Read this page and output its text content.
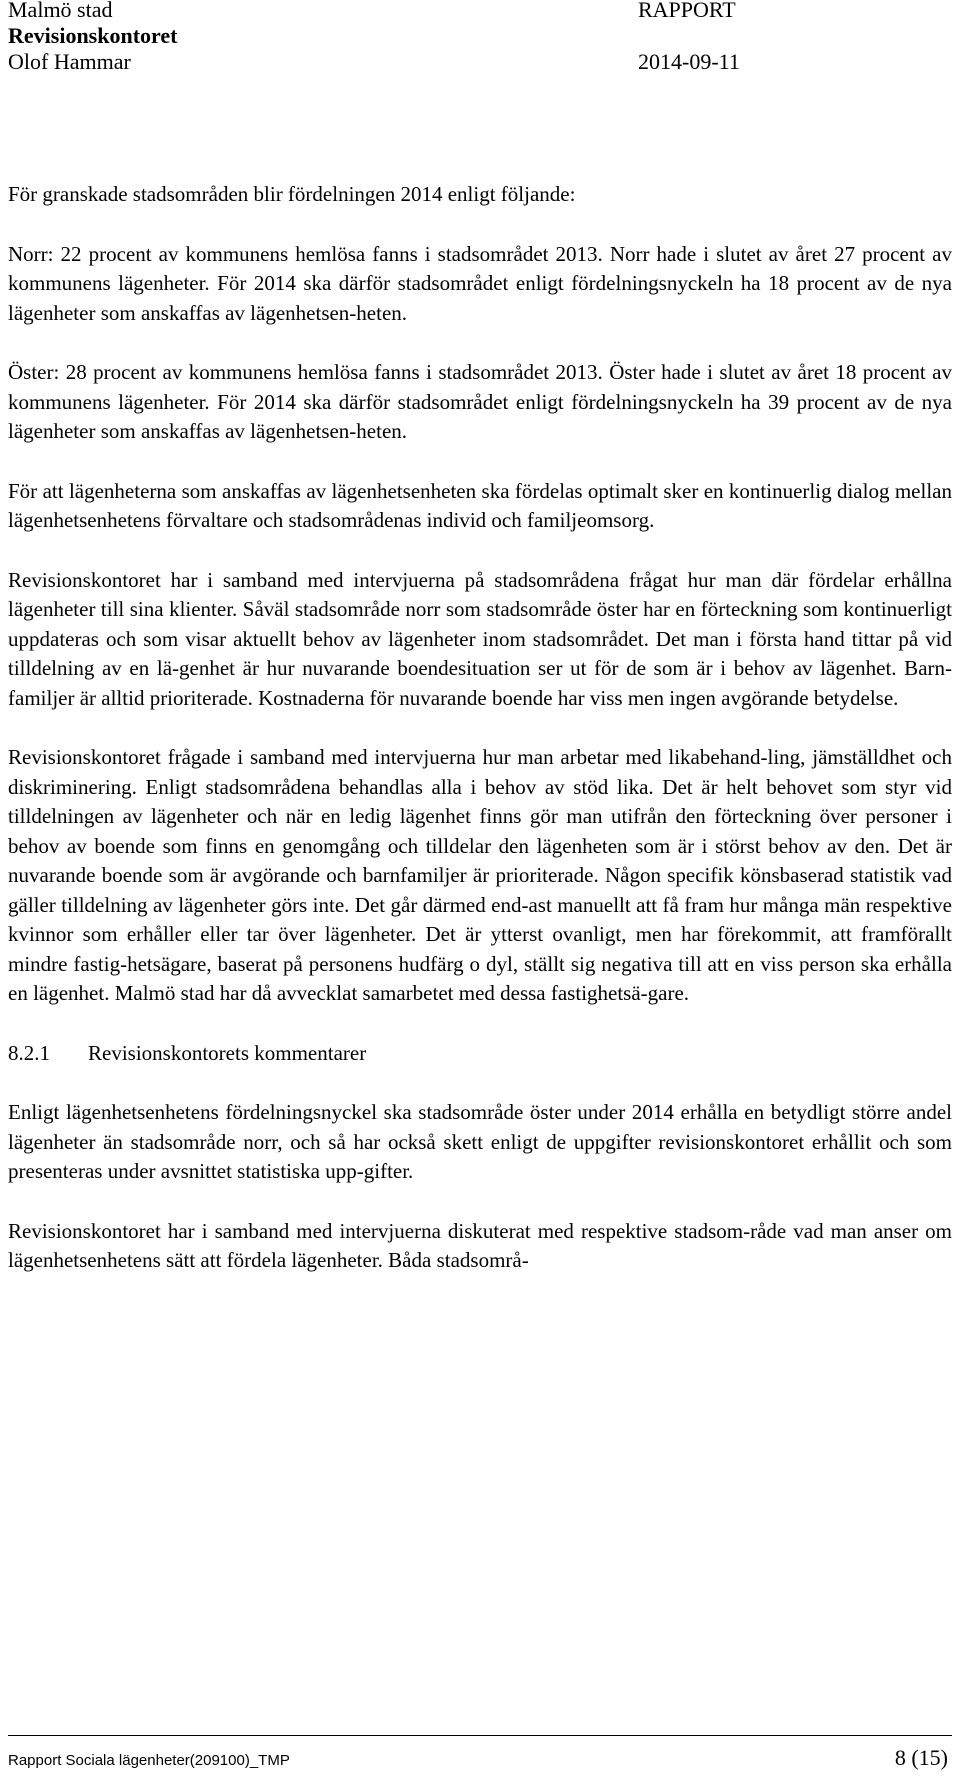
Malmö stad
Revisionskontoret
Olof Hammar
RAPPORT
2014-09-11

För granskade stadsområden blir fördelningen 2014 enligt följande:

Norr: 22 procent av kommunens hemlösa fanns i stadsområdet 2013. Norr hade i slutet av året 27 procent av kommunens lägenheter. För 2014 ska därför stadsområdet enligt fördelningsnyckeln ha 18 procent av de nya lägenheter som anskaffas av lägenhetsen-heten.

Öster: 28 procent av kommunens hemlösa fanns i stadsområdet 2013. Öster hade i slutet av året 18 procent av kommunens lägenheter. För 2014 ska därför stadsområdet enligt fördelningsnyckeln ha 39 procent av de nya lägenheter som anskaffas av lägenhetsen-heten.

För att lägenheterna som anskaffas av lägenhetsenheten ska fördelas optimalt sker en kontinuerlig dialog mellan lägenhetsenhetens förvaltare och stadsområdenas individ och familjeomsorg.

Revisionskontoret har i samband med intervjuerna på stadsområdena frågat hur man där fördelar erhållna lägenheter till sina klienter. Såväl stadsområde norr som stadsområde öster har en förteckning som kontinuerligt uppdateras och som visar aktuellt behov av lägenheter inom stadsområdet. Det man i första hand tittar på vid tilldelning av en lä-genhet är hur nuvarande boendesituation ser ut för de som är i behov av lägenhet. Barn-familjer är alltid prioriterade. Kostnaderna för nuvarande boende har viss men ingen avgörande betydelse.

Revisionskontoret frågade i samband med intervjuerna hur man arbetar med likabehand-ling, jämställdhet och diskriminering. Enligt stadsområdena behandlas alla i behov av stöd lika. Det är helt behovet som styr vid tilldelningen av lägenheter och när en ledig lägenhet finns gör man utifrån den förteckning över personer i behov av boende som finns en genomgång och tilldelar den lägenheten som är i störst behov av den. Det är nuvarande boende som är avgörande och barnfamiljer är prioriterade. Någon specifik könsbaserad statistik vad gäller tilldelning av lägenheter görs inte. Det går därmed end-ast manuellt att få fram hur många män respektive kvinnor som erhåller eller tar över lägenheter. Det är ytterst ovanligt, men har förekommit, att framförallt mindre fastig-hetsägare, baserat på personens hudfärg o dyl, ställt sig negativa till att en viss person ska erhålla en lägenhet. Malmö stad har då avvecklat samarbetet med dessa fastighetsä-gare.

8.2.1 Revisionskontorets kommentarer

Enligt lägenhetsenhetens fördelningsnyckel ska stadsområde öster under 2014 erhålla en betydligt större andel lägenheter än stadsområde norr, och så har också skett enligt de uppgifter revisionskontoret erhållit och som presenteras under avsnittet statistiska upp-gifter.

Revisionskontoret har i samband med intervjuerna diskuterat med respektive stadsom-råde vad man anser om lägenhetsenhetens sätt att fördela lägenheter. Båda stadsområ-

Rapport Sociala lägenheter(209100)_TMP	8 (15)
